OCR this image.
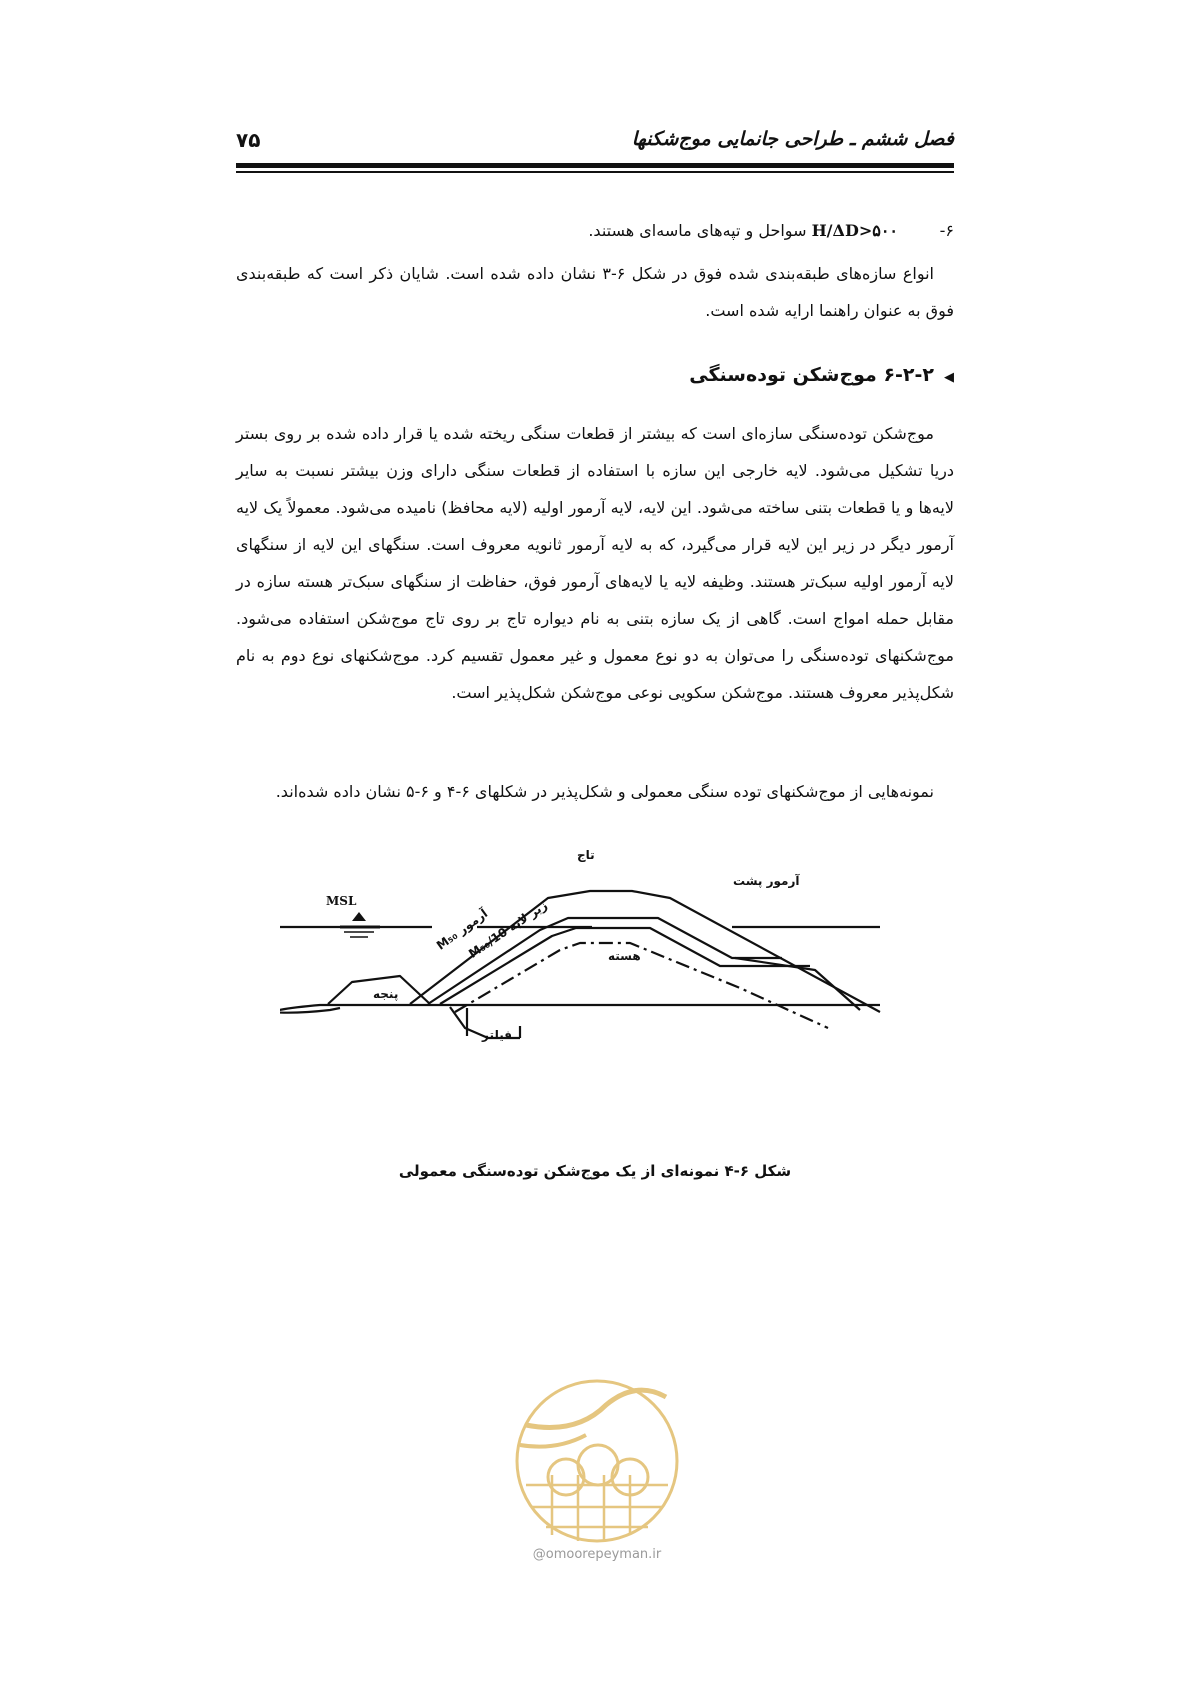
فصل ششم ـ طراحی جانمایی موج‌شکنها
۷۵
۶-H/ΔD>۵۰۰ سواحل و تپه‌های ماسه‌ای هستند.
انواع سازه‌های طبقه‌بندی شده فوق در شکل ۶-۳ نشان داده شده است. شایان ذکر است که طبقه‌بندی فوق به عنوان راهنما ارایه شده است.
◀۶-۲-۲ موج‌شکن توده‌سنگی
موج‌شکن توده‌سنگی سازه‌ای است که بیشتر از قطعات سنگی ریخته شده یا قرار داده شده بر روی بستر دریا تشکیل می‌شود. لایه خارجی این سازه با استفاده از قطعات سنگی دارای وزن بیشتر نسبت به سایر لایه‌ها و یا قطعات بتنی ساخته می‌شود. این لایه، لایه آرمور اولیه (لایه محافظ) نامیده می‌شود. معمولاً یک لایه آرمور دیگر در زیر این لایه قرار می‌گیرد، که به لایه آرمور ثانویه معروف است. سنگهای این لایه از سنگهای لایه آرمور اولیه سبک‌تر هستند. وظیفه لایه یا لایه‌های آرمور فوق، حفاظت از سنگهای سبک‌تر هسته سازه در مقابل حمله امواج است. گاهی از یک سازه بتنی به نام دیواره تاج بر روی تاج موج‌شکن استفاده می‌شود. موج‌شکنهای توده‌سنگی را می‌توان به دو نوع معمول و غیر معمول تقسیم کرد. موج‌شکنهای نوع دوم به نام شکل‌پذیر معروف هستند. موج‌شکن سکویی نوعی موج‌شکن شکل‌پذیر است.
نمونه‌هایی از موج‌شکنهای توده سنگی معمولی و شکل‌پذیر در شکلهای ۶-۴ و ۶-۵ نشان داده شده‌اند.
تاج
آرمور پشت
MSL
هسته
پنجه
فیلتر
آرمور M₅₀
زیر لایه M₅₀/10
شکل ۶-۴ نمونه‌ای از یک موج‌شکن توده‌سنگی معمولی
@omoorepeyman.ir
